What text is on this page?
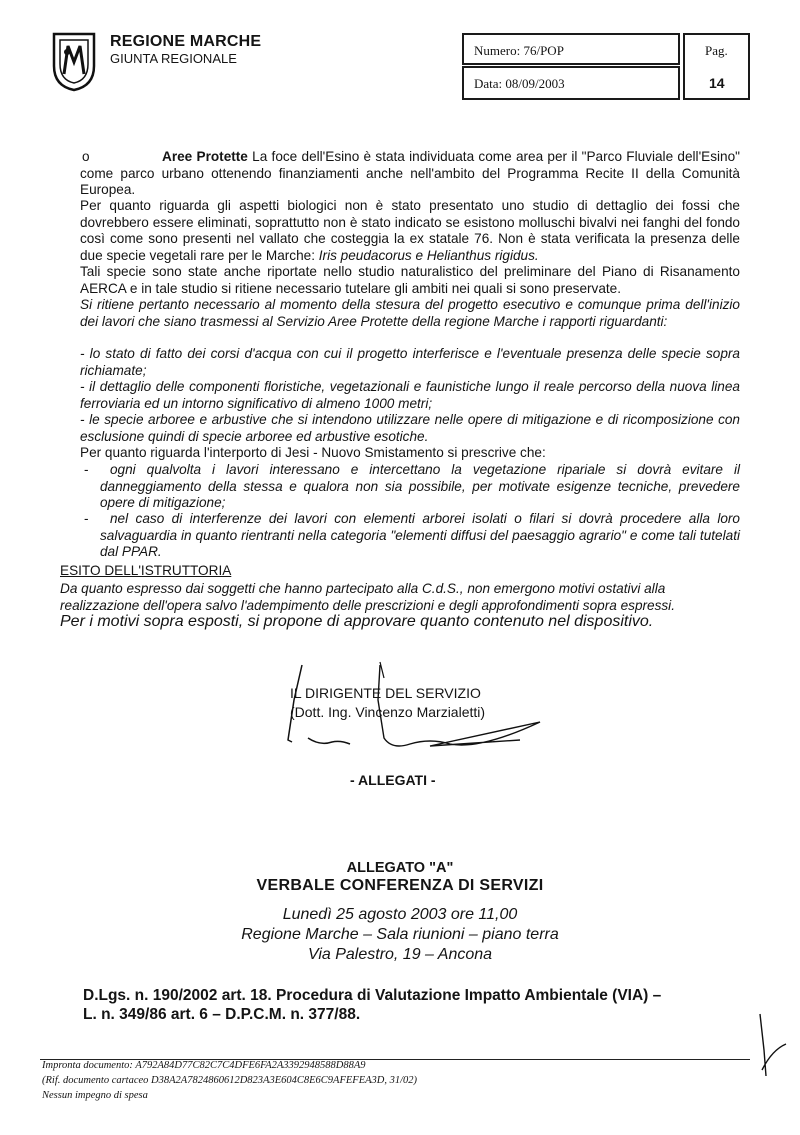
REGIONE MARCHE
GIUNTA REGIONALE
Numero: 76/POP
Data: 08/09/2003
Pag.
14
o	Aree Protette La foce dell'Esino è stata individuata come area per il "Parco Fluviale dell'Esino" come parco urbano ottenendo finanziamenti anche nell'ambito del Programma Recite II della Comunità Europea.
Per quanto riguarda gli aspetti biologici non è stato presentato uno studio di dettaglio dei fossi che dovrebbero essere eliminati, soprattutto non è stato indicato se esistono molluschi bivalvi nei fanghi del fondo così come sono presenti nel vallato che costeggia la ex statale 76. Non è stata verificata la presenza delle due specie vegetali rare per le Marche: Iris peudacorus e Helianthus rigidus.
Tali specie sono state anche riportate nello studio naturalistico del preliminare del Piano di Risanamento AERCA e in tale studio si ritiene necessario tutelare gli ambiti nei quali si sono preservate.
Si ritiene pertanto necessario al momento della stesura del progetto esecutivo e comunque prima dell'inizio dei lavori che siano trasmessi al Servizio Aree Protette della regione Marche i rapporti riguardanti:
- lo stato di fatto dei corsi d'acqua con cui il progetto interferisce e l'eventuale presenza delle specie sopra richiamate;
- il dettaglio delle componenti floristiche, vegetazionali e faunistiche lungo il reale percorso della nuova linea ferroviaria ed un intorno significativo di almeno 1000 metri;
- le specie arboree e arbustive che si intendono utilizzare nelle opere di mitigazione e di ricomposizione con esclusione quindi di specie arboree ed arbustive esotiche.
Per quanto riguarda l'interporto di Jesi - Nuovo Smistamento si prescrive che:
-	ogni qualvolta i lavori interessano e intercettano la vegetazione ripariale si dovrà evitare il danneggiamento della stessa e qualora non sia possibile, per motivate esigenze tecniche, prevedere opere di mitigazione;
-	nel caso di interferenze dei lavori con elementi arborei isolati o filari si dovrà procedere alla loro salvaguardia in quanto rientranti nella categoria "elementi diffusi del paesaggio agrario" e come tali tutelati dal PPAR.
ESITO DELL'ISTRUTTORIA
Da quanto espresso dai soggetti che hanno partecipato alla C.d.S., non emergono motivi ostativi alla realizzazione dell'opera salvo l'adempimento delle prescrizioni e degli approfondimenti sopra espressi.
Per i motivi sopra esposti, si propone di approvare quanto contenuto nel dispositivo.
IL DIRIGENTE DEL SERVIZIO
(Dott. Ing. Vincenzo Marzialetti)
- ALLEGATI -
ALLEGATO "A"
VERBALE CONFERENZA DI SERVIZI
Lunedì 25 agosto 2003 ore 11,00
Regione Marche – Sala riunioni – piano terra
Via Palestro, 19 – Ancona
D.Lgs. n. 190/2002 art. 18. Procedura di Valutazione Impatto Ambientale (VIA) –
L. n. 349/86 art. 6 – D.P.C.M. n. 377/88.
Impronta documento: A792A84D77C82C7C4DFE6FA2A3392948588D88A9
(Rif. documento cartaceo D38A2A7824860612D823A3E604C8E6C9AFEFEA3D, 31/02)
Nessun impegno di spesa
